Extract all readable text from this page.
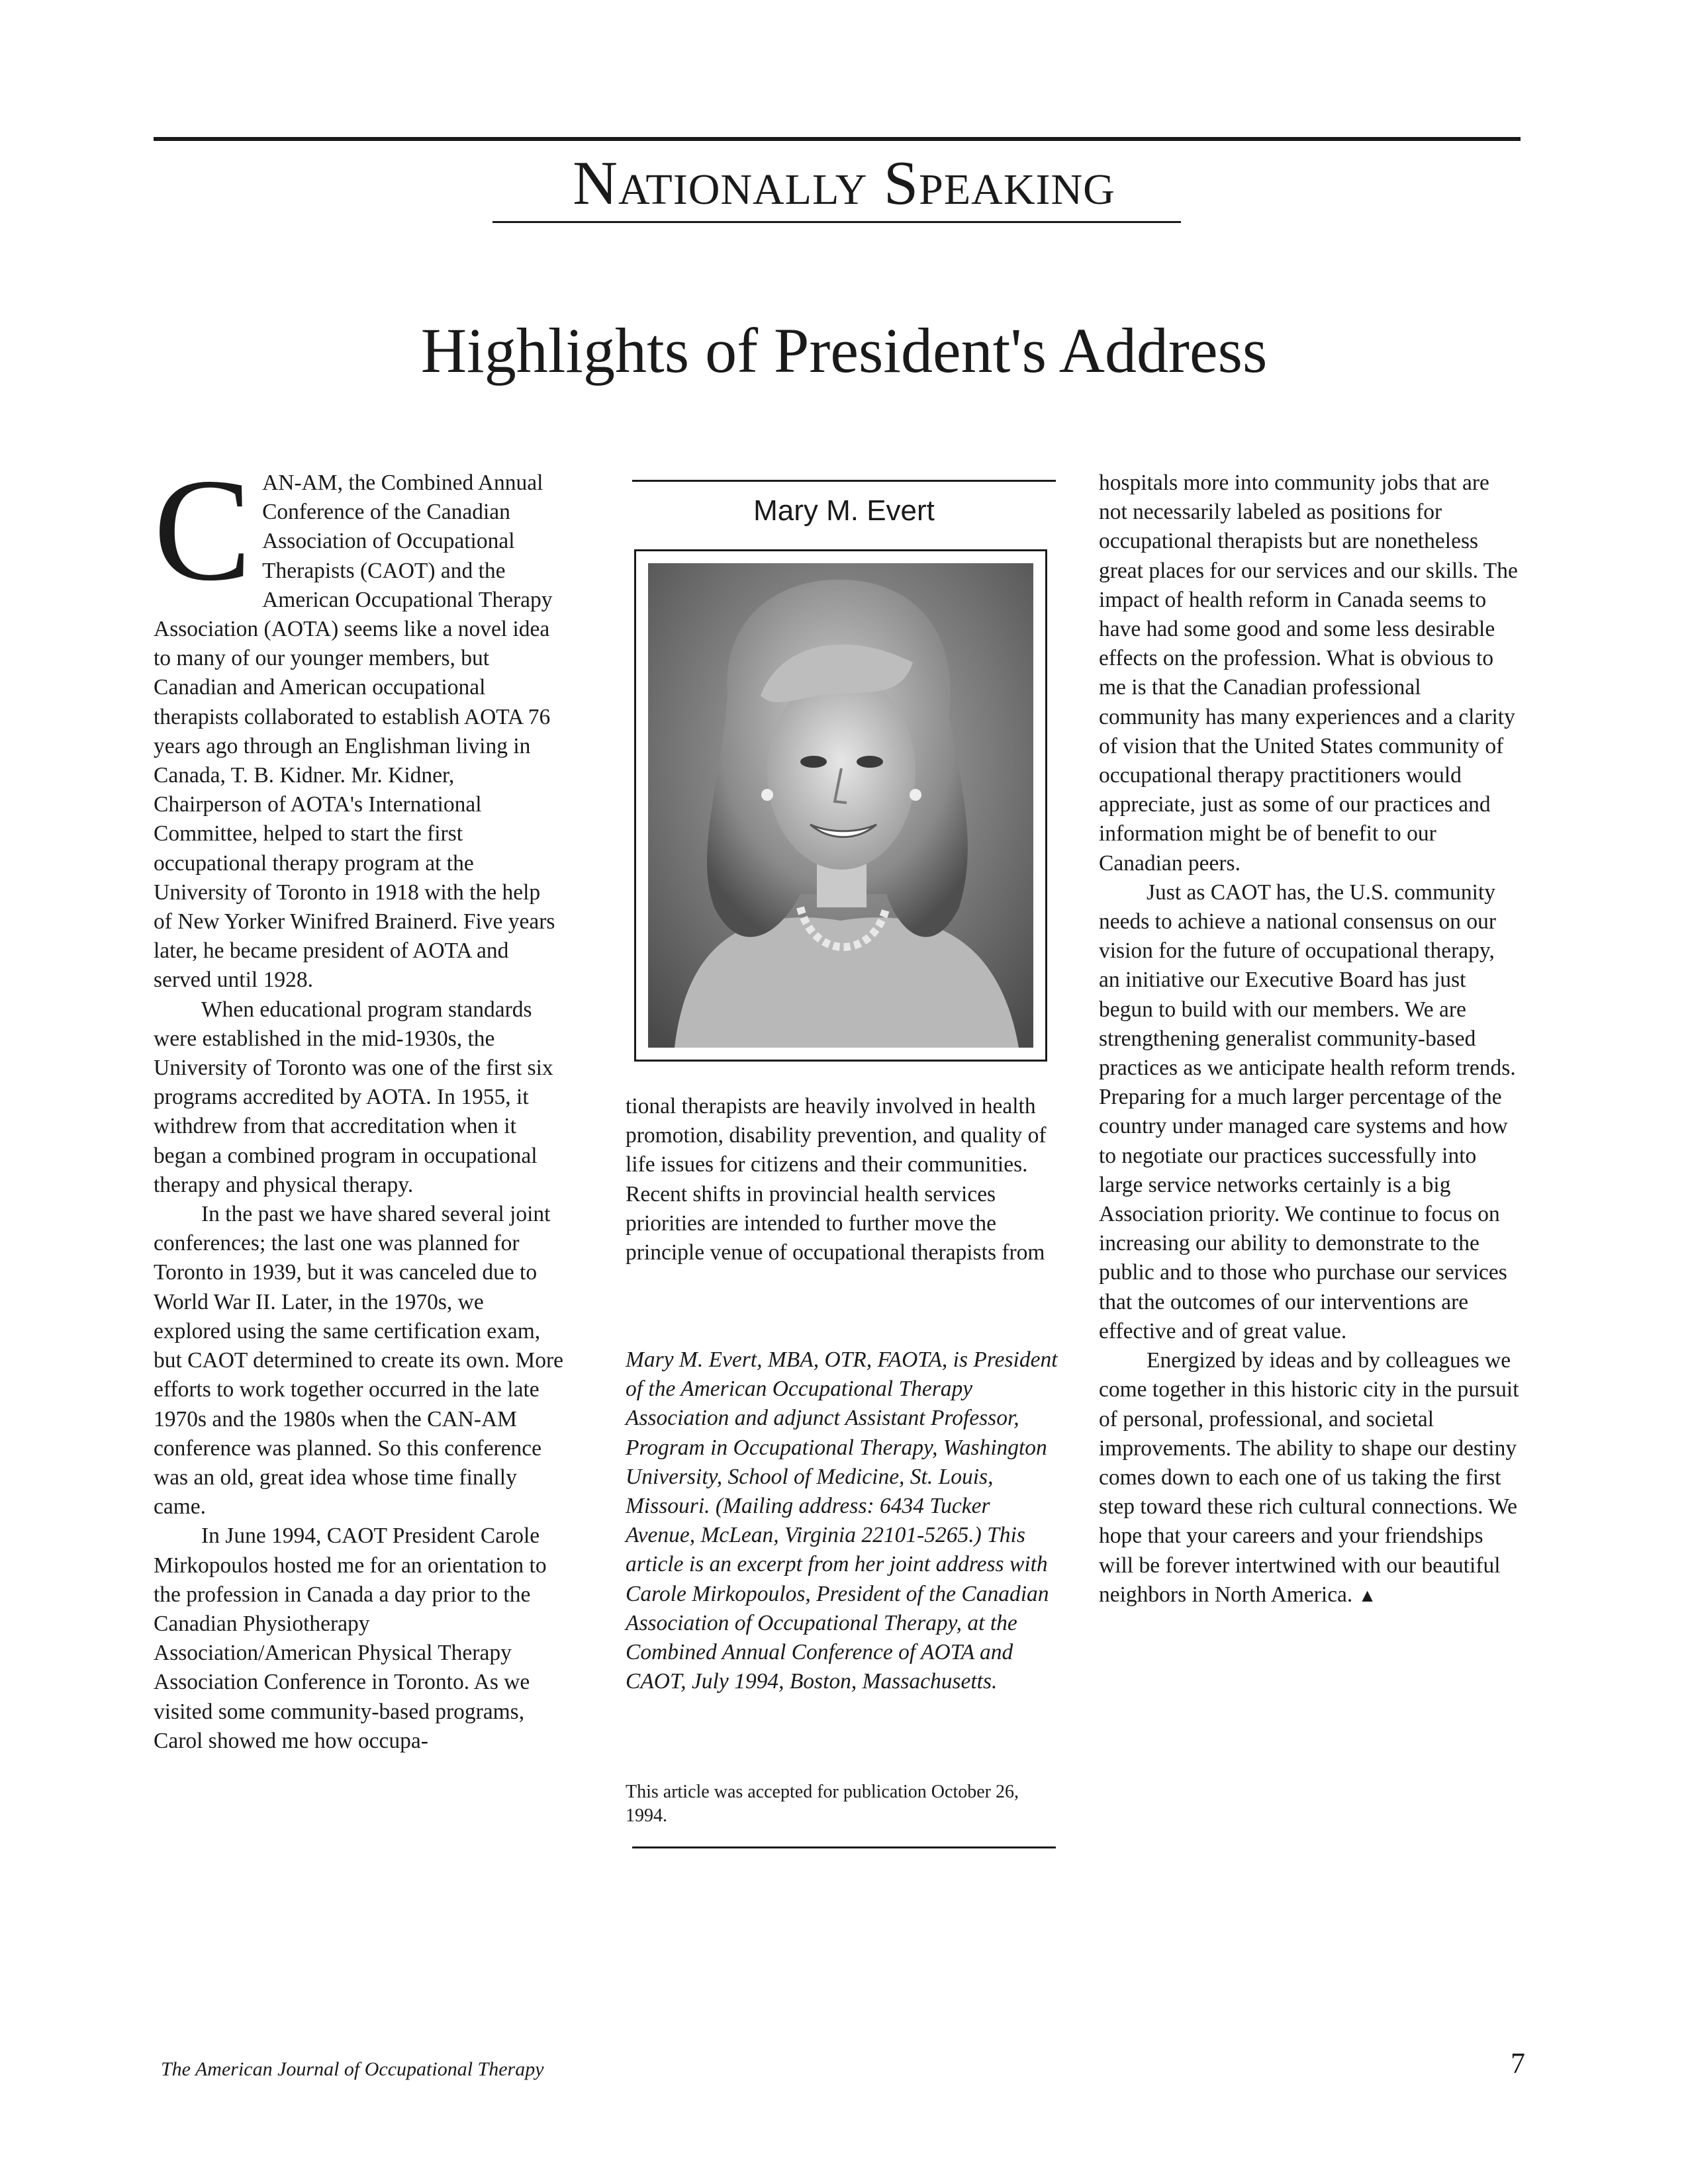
Nationally Speaking
Highlights of President's Address

CAN-AM, the Combined Annual Conference of the Canadian Association of Occupational Therapists (CAOT) and the American Occupational Therapy Association (AOTA) seems like a novel idea to many of our younger members, but Canadian and American occupational therapists collaborated to establish AOTA 76 years ago through an Englishman living in Canada, T. B. Kidner. Mr. Kidner, Chairperson of AOTA's International Committee, helped to start the first occupational therapy program at the University of Toronto in 1918 with the help of New Yorker Winifred Brainerd. Five years later, he became president of AOTA and served until 1928.

When educational program standards were established in the mid-1930s, the University of Toronto was one of the first six programs accredited by AOTA. In 1955, it withdrew from that accreditation when it began a combined program in occupational therapy and physical therapy.

In the past we have shared several joint conferences; the last one was planned for Toronto in 1939, but it was canceled due to World War II. Later, in the 1970s, we explored using the same certification exam, but CAOT determined to create its own. More efforts to work together occurred in the late 1970s and the 1980s when the CAN-AM conference was planned. So this conference was an old, great idea whose time finally came.

In June 1994, CAOT President Carole Mirkopoulos hosted me for an orientation to the profession in Canada a day prior to the Canadian Physiotherapy Association/American Physical Therapy Association Conference in Toronto. As we visited some community-based programs, Carol showed me how occupa-

Mary M. Evert

tional therapists are heavily involved in health promotion, disability prevention, and quality of life issues for citizens and their communities. Recent shifts in provincial health services priorities are intended to further move the principle venue of occupational therapists from

Mary M. Evert, MBA, OTR, FAOTA, is President of the American Occupational Therapy Association and adjunct Assistant Professor, Program in Occupational Therapy, Washington University, School of Medicine, St. Louis, Missouri. (Mailing address: 6434 Tucker Avenue, McLean, Virginia 22101-5265.) This article is an excerpt from her joint address with Carole Mirkopoulos, President of the Canadian Association of Occupational Therapy, at the Combined Annual Conference of AOTA and CAOT, July 1994, Boston, Massachusetts.
This article was accepted for publication October 26, 1994.

hospitals more into community jobs that are not necessarily labeled as positions for occupational therapists but are nonetheless great places for our services and our skills. The impact of health reform in Canada seems to have had some good and some less desirable effects on the profession. What is obvious to me is that the Canadian professional community has many experiences and a clarity of vision that the United States community of occupational therapy practitioners would appreciate, just as some of our practices and information might be of benefit to our Canadian peers.

Just as CAOT has, the U.S. community needs to achieve a national consensus on our vision for the future of occupational therapy, an initiative our Executive Board has just begun to build with our members. We are strengthening generalist community-based practices as we anticipate health reform trends. Preparing for a much larger percentage of the country under managed care systems and how to negotiate our practices successfully into large service networks certainly is a big Association priority. We continue to focus on increasing our ability to demonstrate to the public and to those who purchase our services that the outcomes of our interventions are effective and of great value.

Energized by ideas and by colleagues we come together in this historic city in the pursuit of personal, professional, and societal improvements. The ability to shape our destiny comes down to each one of us taking the first step toward these rich cultural connections. We hope that your careers and your friendships will be forever intertwined with our beautiful neighbors in North America. ▲

The American Journal of Occupational Therapy	7
